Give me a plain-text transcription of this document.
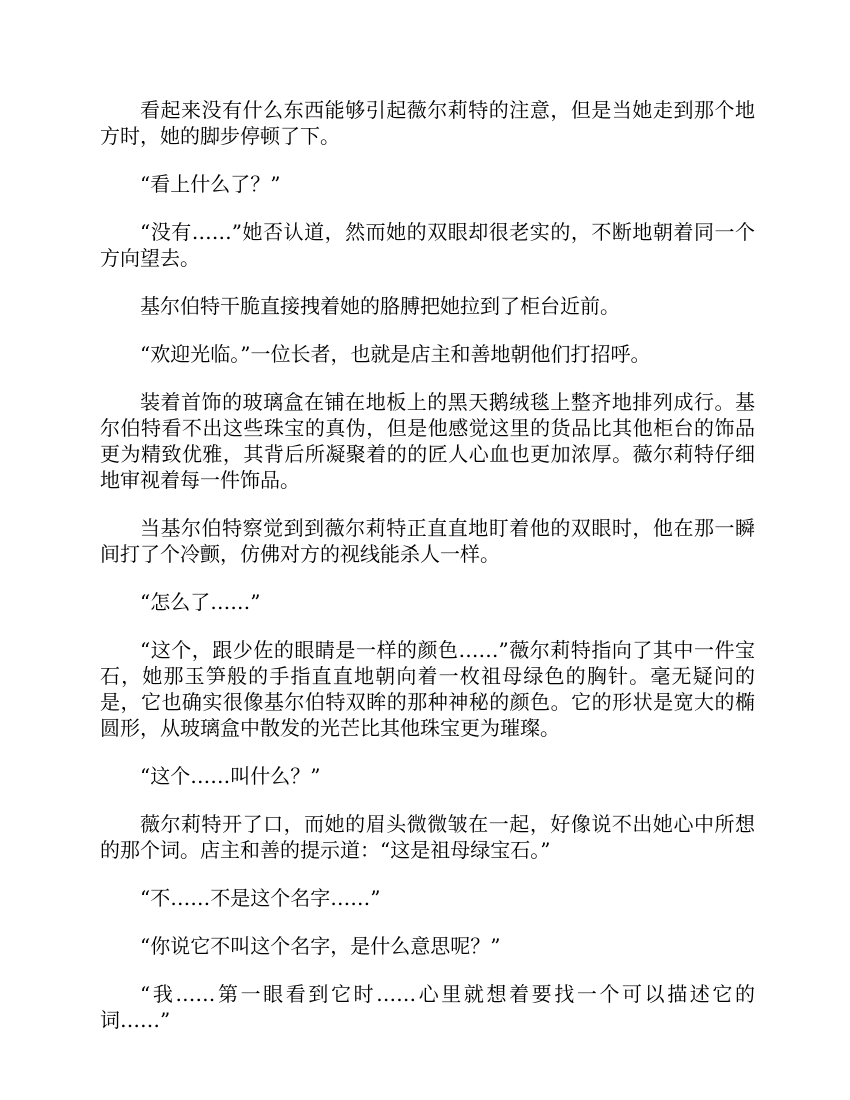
看起来没有什么东西能够引起薇尔莉特的注意，但是当她走到那个地方时，她的脚步停顿了下。

“看上什么了？”

“没有……”她否认道，然而她的双眼却很老实的，不断地朝着同一个方向望去。

基尔伯特干脆直接拽着她的胳膊把她拉到了柜台近前。

“欢迎光临。”一位长者，也就是店主和善地朝他们打招呼。

装着首饰的玻璃盒在铺在地板上的黑天鹅绒毯上整齐地排列成行。基尔伯特看不出这些珠宝的真伪，但是他感觉这里的货品比其他柜台的饰品更为精致优雅，其背后所凝聚着的的匠人心血也更加浓厚。薇尔莉特仔细地审视着每一件饰品。

当基尔伯特察觉到到薇尔莉特正直直地盯着他的双眼时，他在那一瞬间打了个冷颤，仿佛对方的视线能杀人一样。

“怎么了……”

“这个，跟少佐的眼睛是一样的颜色……”薇尔莉特指向了其中一件宝石，她那玉笋般的手指直直地朝向着一枚祖母绿色的胸针。毫无疑问的是，它也确实很像基尔伯特双眸的那种神秘的颜色。它的形状是宽大的椭圆形，从玻璃盒中散发的光芒比其他珠宝更为璀璨。

“这个……叫什么？”

薇尔莉特开了口，而她的眉头微微皱在一起，好像说不出她心中所想的那个词。店主和善的提示道：“这是祖母绿宝石。”

“不……不是这个名字……”

“你说它不叫这个名字，是什么意思呢？”

“我……第一眼看到它时……心里就想着要找一个可以描述它的词……”
